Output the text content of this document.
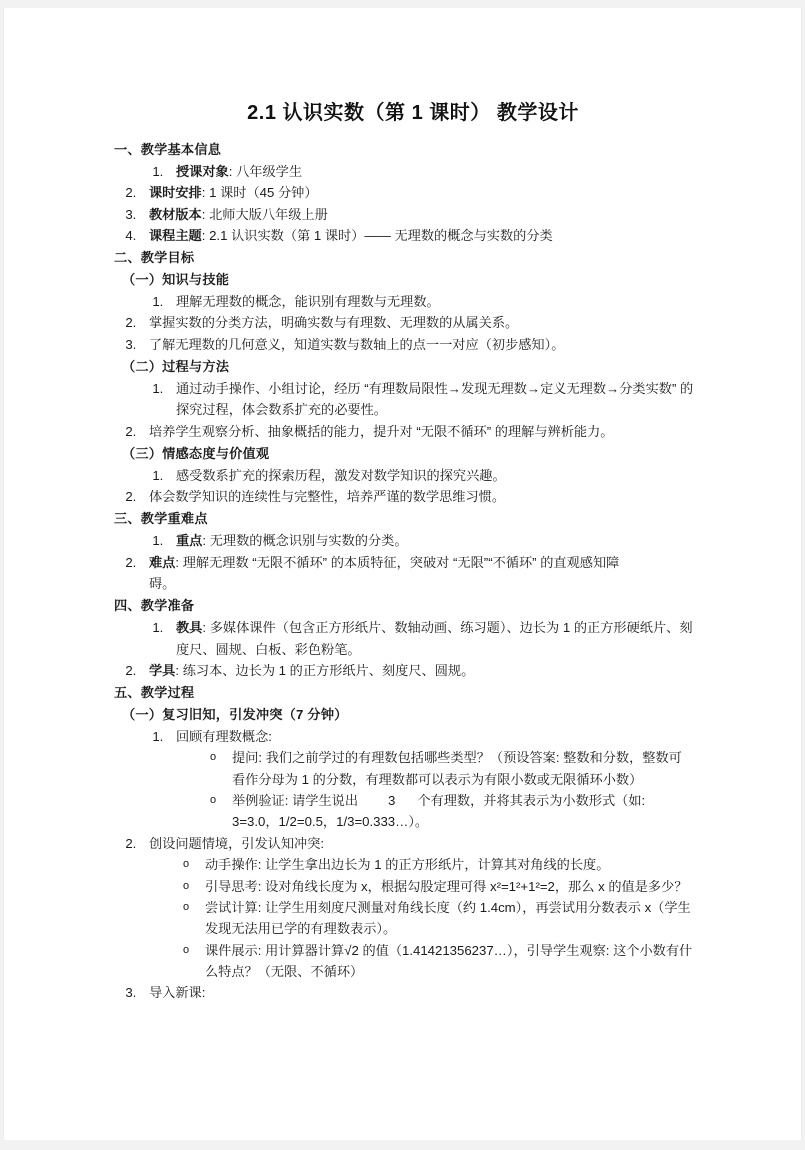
2.1 认识实数（第 1 课时） 教学设计
一、教学基本信息
1. 授课对象: 八年级学生
2. 课时安排: 1 课时（45 分钟）
3. 教材版本: 北师大版八年级上册
4. 课程主题: 2.1 认识实数（第 1 课时）—— 无理数的概念与实数的分类
二、教学目标
（一）知识与技能
1. 理解无理数的概念，能识别有理数与无理数。
2. 掌握实数的分类方法，明确实数与有理数、无理数的从属关系。
3. 了解无理数的几何意义，知道实数与数轴上的点一一对应（初步感知）。
（二）过程与方法
1. 通过动手操作、小组讨论，经历 “有理数局限性→发现无理数→定义无理数→分类实数” 的探究过程，体会数系扩充的必要性。
2. 培养学生观察分析、抽象概括的能力，提升对 “无限不循环” 的理解与辨析能力。
（三）情感态度与价值观
1. 感受数系扩充的探索历程，激发对数学知识的探究兴趣。
2. 体会数学知识的连续性与完整性，培养严谨的数学思维习惯。
三、教学重难点
1. 重点: 无理数的概念识别与实数的分类。
2. 难点: 理解无理数 “无限不循环” 的本质特征，突破对 “无限”“不循环” 的直观感知障
碍。
四、教学准备
1. 教具: 多媒体课件（包含正方形纸片、数轴动画、练习题）、边长为 1 的正方形硬纸片、刻度尺、圆规、白板、彩色粉笔。
2. 学具: 练习本、边长为 1 的正方形纸片、刻度尺、圆规。
五、教学过程
（一）复习旧知，引发冲突（7 分钟）
1. 回顾有理数概念:
o 提问: 我们之前学过的有理数包括哪些类型？（预设答案: 整数和分数，整数可看作分母为 1 的分数，有理数都可以表示为有限小数或无限循环小数）
o 举例验证: 请学生说出 3 个有理数，并将其表示为小数形式（如: 3=3.0，1/2=0.5，1/3=0.333…）。
2. 创设问题情境，引发认知冲突:
o 动手操作: 让学生拿出边长为 1 的正方形纸片，计算其对角线的长度。
o 引导思考: 设对角线长度为 x，根据勾股定理可得 x²=1²+1²=2，那么 x 的值是多少？
o 尝试计算: 让学生用刻度尺测量对角线长度（约 1.4cm），再尝试用分数表示 x（学生发现无法用已学的有理数表示）。
o 课件展示: 用计算器计算√2 的值（1.41421356237…），引导学生观察: 这个小数有什么特点？（无限、不循环）
3. 导入新课:
